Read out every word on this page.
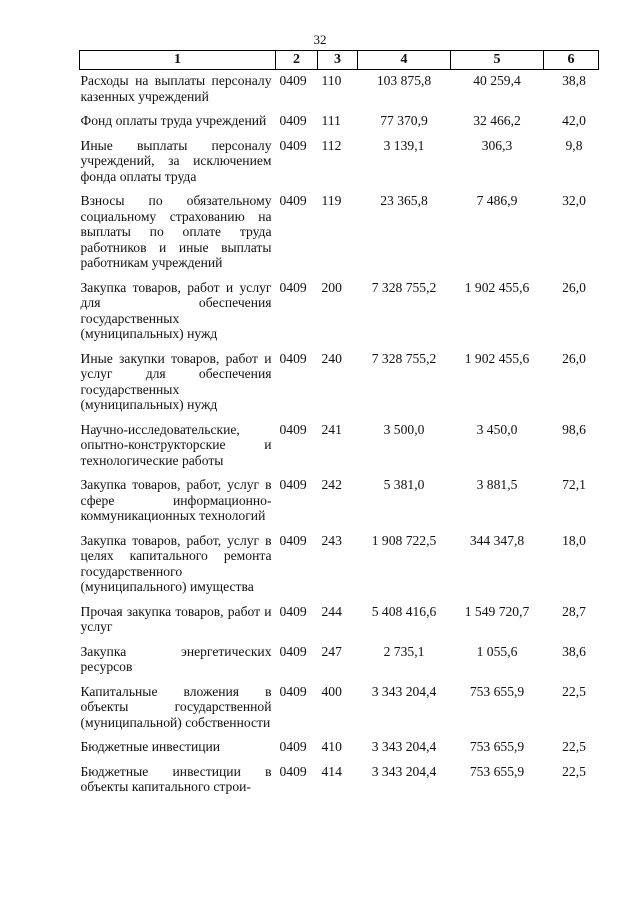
32
1	2	3	4	5	6
Расходы на выплаты персоналу казенных учреждений	0409	110	103 875,8	40 259,4	38,8
Фонд оплаты труда учреждений	0409	111	77 370,9	32 466,2	42,0
Иные выплаты персоналу учреждений, за исключением фонда оплаты труда	0409	112	3 139,1	306,3	9,8
Взносы по обязательному социальному страхованию на выплаты по оплате труда работников и иные выплаты работникам учреждений	0409	119	23 365,8	7 486,9	32,0
Закупка товаров, работ и услуг для обеспечения государственных (муниципальных) нужд	0409	200	7 328 755,2	1 902 455,6	26,0
Иные закупки товаров, работ и услуг для обеспечения государственных (муниципальных) нужд	0409	240	7 328 755,2	1 902 455,6	26,0
Научно-исследовательские, опытно-конструкторские и технологические работы	0409	241	3 500,0	3 450,0	98,6
Закупка товаров, работ, услуг в сфере информационно-коммуникационных технологий	0409	242	5 381,0	3 881,5	72,1
Закупка товаров, работ, услуг в целях капитального ремонта государственного (муниципального) имущества	0409	243	1 908 722,5	344 347,8	18,0
Прочая закупка товаров, работ и услуг	0409	244	5 408 416,6	1 549 720,7	28,7
Закупка энергетических ресурсов	0409	247	2 735,1	1 055,6	38,6
Капитальные вложения в объекты государственной (муниципальной) собственности	0409	400	3 343 204,4	753 655,9	22,5
Бюджетные инвестиции	0409	410	3 343 204,4	753 655,9	22,5
Бюджетные инвестиции в объекты капитального строи-	0409	414	3 343 204,4	753 655,9	22,5
